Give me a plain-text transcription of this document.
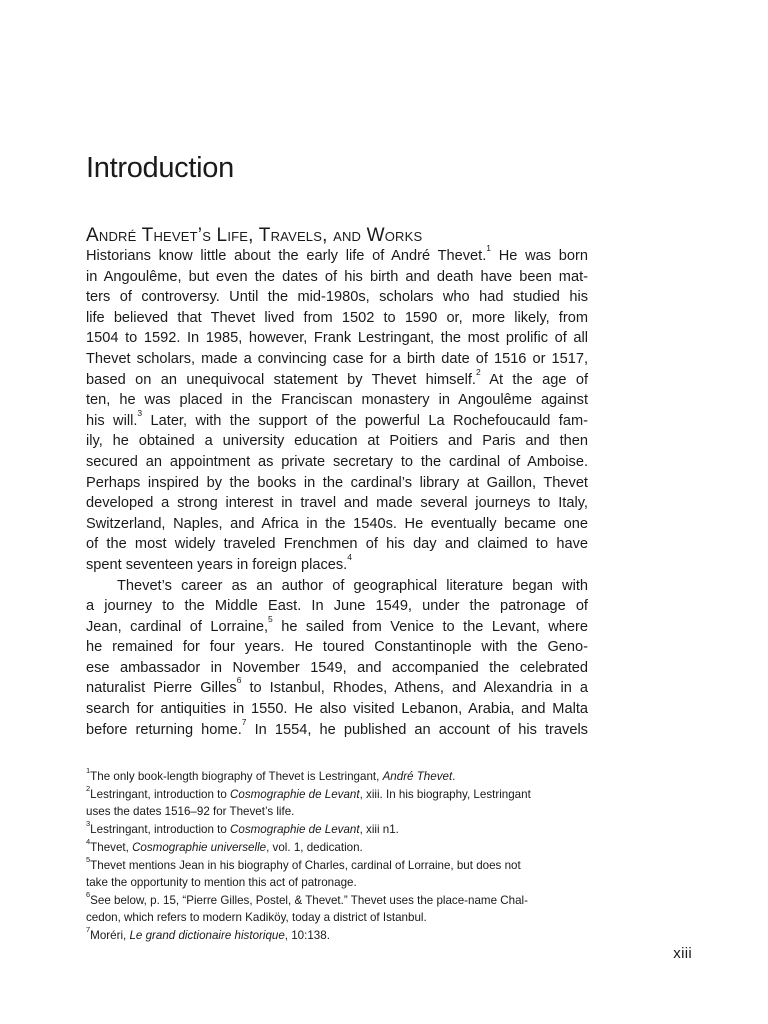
Introduction
André Thevet’s Life, Travels, and Works
Historians know little about the early life of André Thevet.$^1$ He was born
in Angoulême, but even the dates of his birth and death have been mat-
ters of controversy. Until the mid-1980s, scholars who had studied his
life believed that Thevet lived from 1502 to 1590 or, more likely, from
1504 to 1592. In 1985, however, Frank Lestringant, the most prolific of all
Thevet scholars, made a convincing case for a birth date of 1516 or 1517,
based on an unequivocal statement by Thevet himself.$^2$ At the age of
ten, he was placed in the Franciscan monastery in Angoulême against
his will.$^3$ Later, with the support of the powerful La Rochefoucauld fam-
ily, he obtained a university education at Poitiers and Paris and then
secured an appointment as private secretary to the cardinal of Amboise.
Perhaps inspired by the books in the cardinal’s library at Gaillon, Thevet
developed a strong interest in travel and made several journeys to Italy,
Switzerland, Naples, and Africa in the 1540s. He eventually became one
of the most widely traveled Frenchmen of his day and claimed to have
spent seventeen years in foreign places.$^4$
Thevet’s career as an author of geographical literature began with
a journey to the Middle East. In June 1549, under the patronage of
Jean, cardinal of Lorraine,$^5$ he sailed from Venice to the Levant, where
he remained for four years. He toured Constantinople with the Geno-
ese ambassador in November 1549, and accompanied the celebrated
naturalist Pierre Gilles$^6$ to Istanbul, Rhodes, Athens, and Alexandria in a
search for antiquities in 1550. He also visited Lebanon, Arabia, and Malta
before returning home.$^7$ In 1554, he published an account of his travels
$^1$The only book-length biography of Thevet is Lestringant, André Thevet.
$^2$Lestringant, introduction to Cosmographie de Levant, xiii. In his biography, Lestringant
uses the dates 1516–92 for Thevet’s life.
$^3$Lestringant, introduction to Cosmographie de Levant, xiii n1.
$^4$Thevet, Cosmographie universelle, vol. 1, dedication.
$^5$Thevet mentions Jean in his biography of Charles, cardinal of Lorraine, but does not
take the opportunity to mention this act of patronage.
$^6$See below, p. 15, “Pierre Gilles, Postel, & Thevet.” Thevet uses the place-name Chal-
cedon, which refers to modern Kadiköy, today a district of Istanbul.
$^7$Moréri, Le grand dictionaire historique, 10:138.
xiii
